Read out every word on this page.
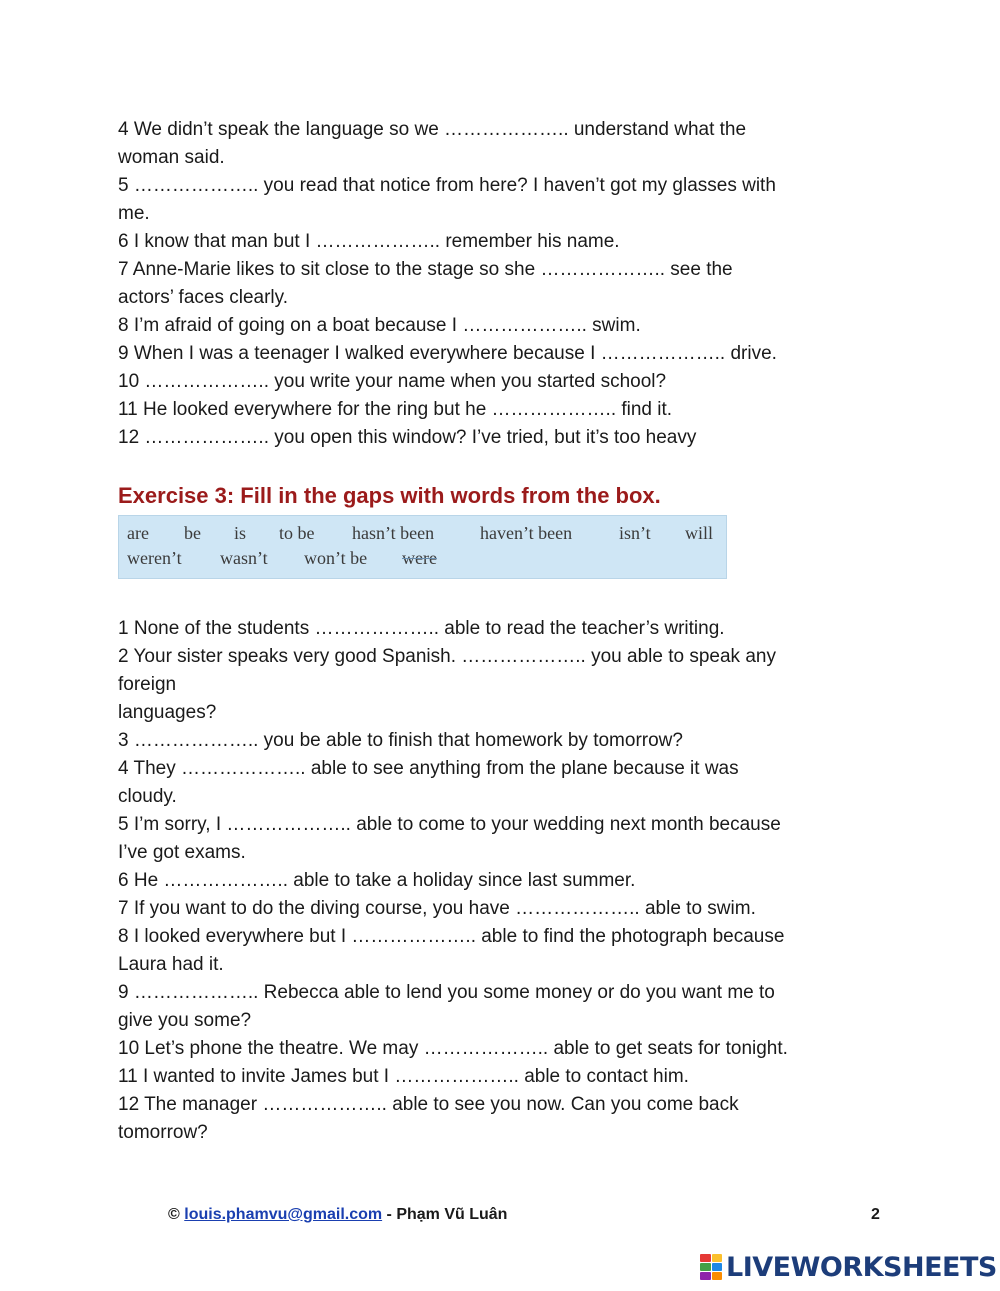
4 We didn’t speak the language so we ……………….. understand what the

woman said.

5 ……………….. you read that notice from here? I haven’t got my glasses with

me.

6 I know that man but I ……………….. remember his name.

7 Anne-Marie likes to sit close to the stage so she ……………….. see the

actors’ faces clearly.

8 I’m afraid of going on a boat because I ……………….. swim.

9 When I was a teenager I walked everywhere because I ……………….. drive.

10 ……………….. you write your name when you started school?

11 He looked everywhere for the ring but he ……………….. find it.

12 ……………….. you open this window? I’ve tried, but it’s too heavy

Exercise 3: Fill in the gaps with words from the box.
are be is to be hasn’t been	haven’t been	isn’t will
weren’t wasn’t won’t be were

1 None of the students ……………….. able to read the teacher’s writing.

2 Your sister speaks very good Spanish. ……………….. you able to speak any

foreign

languages?

3 ……………….. you be able to finish that homework by tomorrow?

4 They ……………….. able to see anything from the plane because it was

cloudy.

5 I’m sorry, I ……………….. able to come to your wedding next month because

I’ve got exams.

6 He ……………….. able to take a holiday since last summer.

7 If you want to do the diving course, you have ……………….. able to swim.

8 I looked everywhere but I ……………….. able to find the photograph because

Laura had it.

9 ……………….. Rebecca able to lend you some money or do you want me to

give you some?

10 Let’s phone the theatre. We may ……………….. able to get seats for tonight.

11 I wanted to invite James but I ……………….. able to contact him.

12 The manager ……………….. able to see you now. Can you come back

tomorrow?

© louis.phamvu@gmail.com - Phạm Vũ Luân	2
LIVEWORKSHEETS
